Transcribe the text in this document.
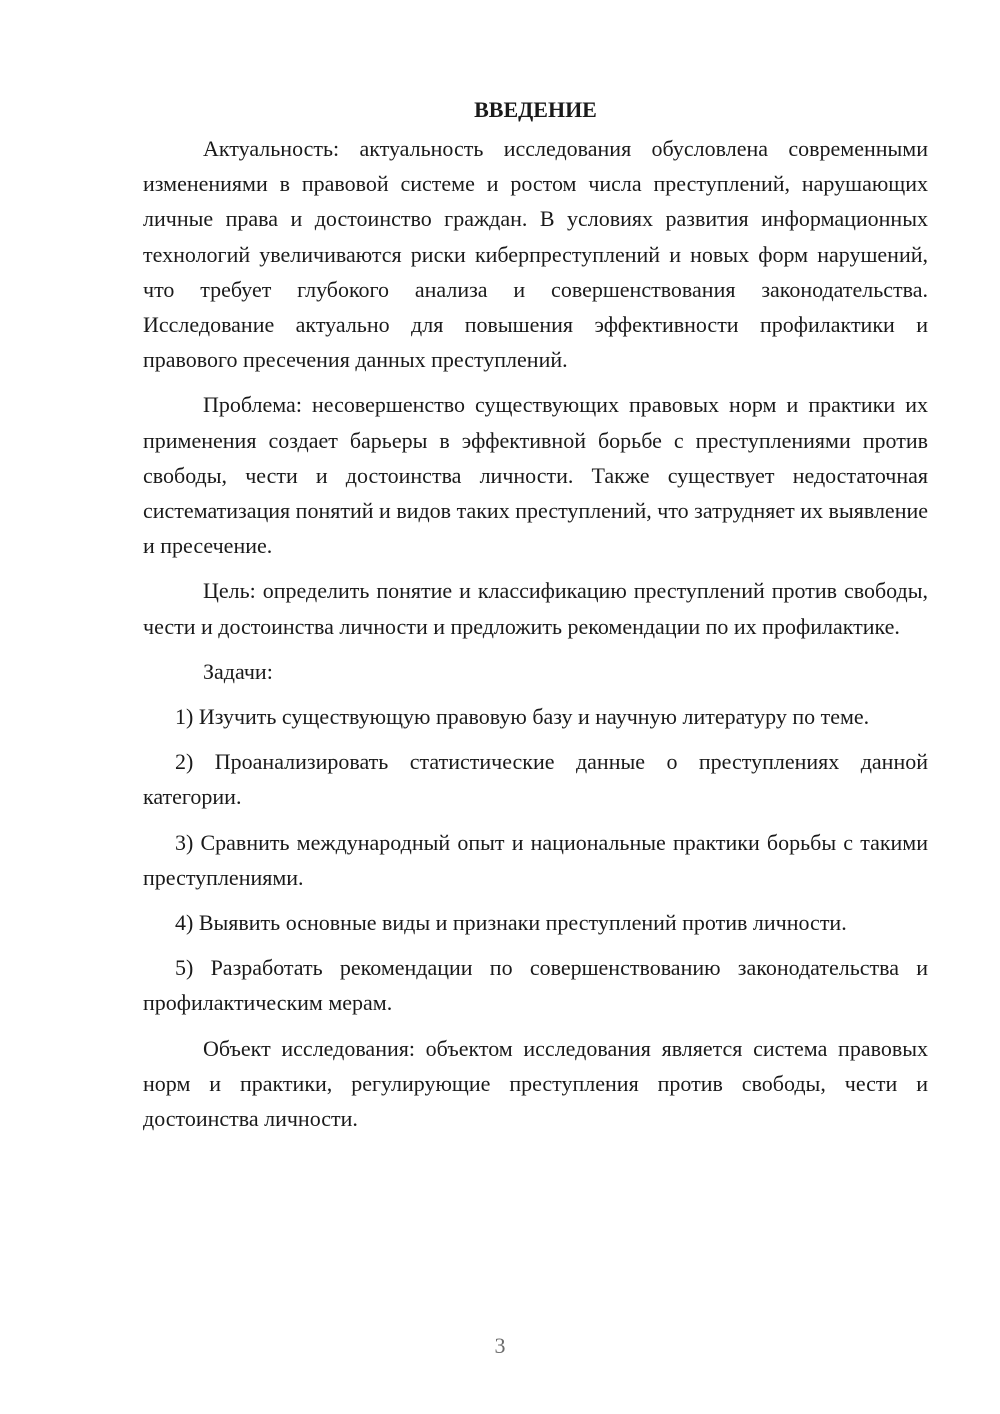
ВВЕДЕНИЕ

Актуальность: актуальность исследования обусловлена современными изменениями в правовой системе и ростом числа преступлений, нарушающих личные права и достоинство граждан. В условиях развития информационных технологий увеличиваются риски киберпреступлений и новых форм нарушений, что требует глубокого анализа и совершенствования законодательства. Исследование актуально для повышения эффективности профилактики и правового пресечения данных преступлений.

Проблема: несовершенство существующих правовых норм и практики их применения создает барьеры в эффективной борьбе с преступлениями против свободы, чести и достоинства личности. Также существует недостаточная систематизация понятий и видов таких преступлений, что затрудняет их выявление и пресечение.

Цель: определить понятие и классификацию преступлений против свободы, чести и достоинства личности и предложить рекомендации по их профилактике.

Задачи:

1) Изучить существующую правовую базу и научную литературу по теме.

2) Проанализировать статистические данные о преступлениях данной категории.

3) Сравнить международный опыт и национальные практики борьбы с такими преступлениями.

4) Выявить основные виды и признаки преступлений против личности.

5) Разработать рекомендации по совершенствованию законодательства и профилактическим мерам.

Объект исследования: объектом исследования является система правовых норм и практики, регулирующие преступления против свободы, чести и достоинства личности.

3
